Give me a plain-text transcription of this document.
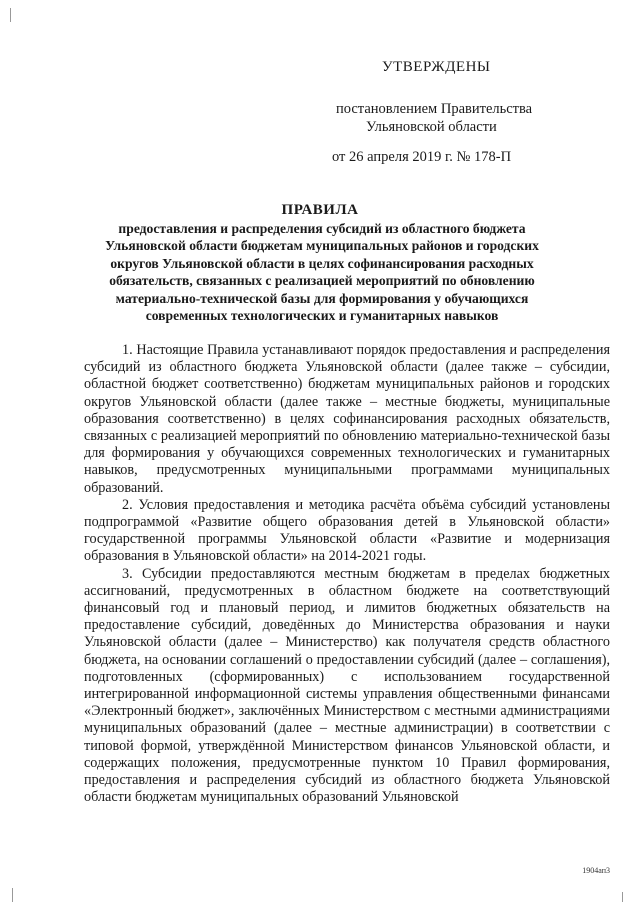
УТВЕРЖДЕНЫ
постановлением Правительства
Ульяновской области
от 26 апреля 2019 г. № 178-П
ПРАВИЛА
предоставления и распределения субсидий из областного бюджета Ульяновской области бюджетам муниципальных районов и городских округов Ульяновской области в целях софинансирования расходных обязательств, связанных с реализацией мероприятий по обновлению материально-технической базы для формирования у обучающихся современных технологических и гуманитарных навыков

1. Настоящие Правила устанавливают порядок предоставления и распределения субсидий из областного бюджета Ульяновской области (далее также – субсидии, областной бюджет соответственно) бюджетам муниципальных районов и городских округов Ульяновской области (далее также – местные бюджеты, муниципальные образования соответственно) в целях софинансирования расходных обязательств, связанных с реализацией мероприятий по обновлению материально-технической базы для формирования у обучающихся современных технологических и гуманитарных навыков, предусмотренных муниципальными программами муниципальных образований.

2. Условия предоставления и методика расчёта объёма субсидий установлены подпрограммой «Развитие общего образования детей в Ульяновской области» государственной программы Ульяновской области «Развитие и модернизация образования в Ульяновской области» на 2014-2021 годы.

3. Субсидии предоставляются местным бюджетам в пределах бюджетных ассигнований, предусмотренных в областном бюджете на соответствующий финансовый год и плановый период, и лимитов бюджетных обязательств на предоставление субсидий, доведённых до Министерства образования и науки Ульяновской области (далее – Министерство) как получателя средств областного бюджета, на основании соглашений о предоставлении субсидий (далее – соглашения), подготовленных (сформированных) с использованием государственной интегрированной информационной системы управления общественными финансами «Электронный бюджет», заключённых Министерством с местными администрациями муниципальных образований (далее – местные администрации) в соответствии с типовой формой, утверждённой Министерством финансов Ульяновской области, и содержащих положения, предусмотренные пунктом 10 Правил формирования, предоставления и распределения субсидий из областного бюджета Ульяновской области бюджетам муниципальных образований Ульяновской

1904ап3
